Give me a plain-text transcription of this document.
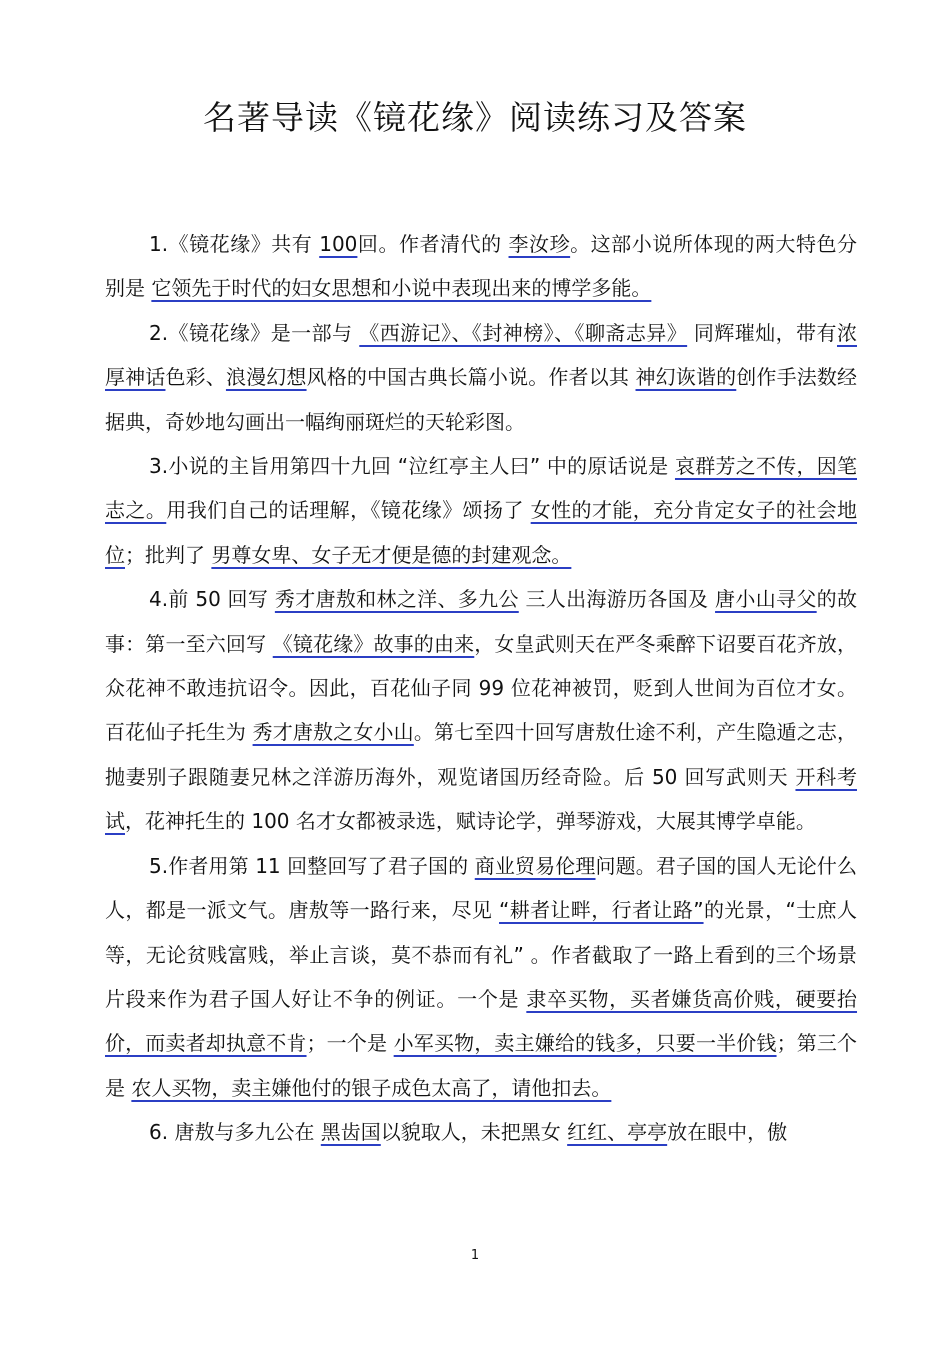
名著导读《镜花缘》阅读练习及答案

1.《镜花缘》共有 100回。作者清代的 李汝珍。这部小说所体现的两大特色分别是 它领先于时代的妇女思想和小说中表现出来的博学多能。

2.《镜花缘》是一部与 《西游记》、《封神榜》、《聊斋志异》 同辉璀灿，带有浓厚神话色彩、浪漫幻想风格的中国古典长篇小说。作者以其 神幻诙谐的创作手法数经据典，奇妙地勾画出一幅绚丽斑烂的天轮彩图。

3.小说的主旨用第四十九回 “泣红亭主人曰” 中的原话说是 哀群芳之不传，因笔志之。用我们自己的话理解，《镜花缘》颂扬了 女性的才能，充分肯定女子的社会地位；批判了 男尊女卑、女子无才便是德的封建观念。

4.前 50 回写 秀才唐敖和林之洋、多九公 三人出海游历各国及 唐小山寻父的故事：第一至六回写 《镜花缘》故事的由来，女皇武则天在严冬乘醉下诏要百花齐放，众花神不敢违抗诏令。因此，百花仙子同 99 位花神被罚，贬到人世间为百位才女。百花仙子托生为 秀才唐敖之女小山。第七至四十回写唐敖仕途不利，产生隐遁之志，抛妻别子跟随妻兄林之洋游历海外，观览诸国历经奇险。后 50 回写武则天 开科考试，花神托生的 100 名才女都被录选，赋诗论学，弹琴游戏，大展其博学卓能。

5.作者用第 11 回整回写了君子国的 商业贸易伦理问题。君子国的国人无论什么人，都是一派文气。唐敖等一路行来，尽见 “耕者让畔，行者让路”的光景，“士庶人等，无论贫贱富贱，举止言谈，莫不恭而有礼” 。作者截取了一路上看到的三个场景片段来作为君子国人好让不争的例证。一个是 隶卒买物，买者嫌货高价贱，硬要抬价，而卖者却执意不肯；一个是 小军买物，卖主嫌给的钱多，只要一半价钱；第三个是 农人买物，卖主嫌他付的银子成色太高了，请他扣去。

6. 唐敖与多九公在 黑齿国以貌取人，未把黑女 红红、亭亭放在眼中，傲

1
